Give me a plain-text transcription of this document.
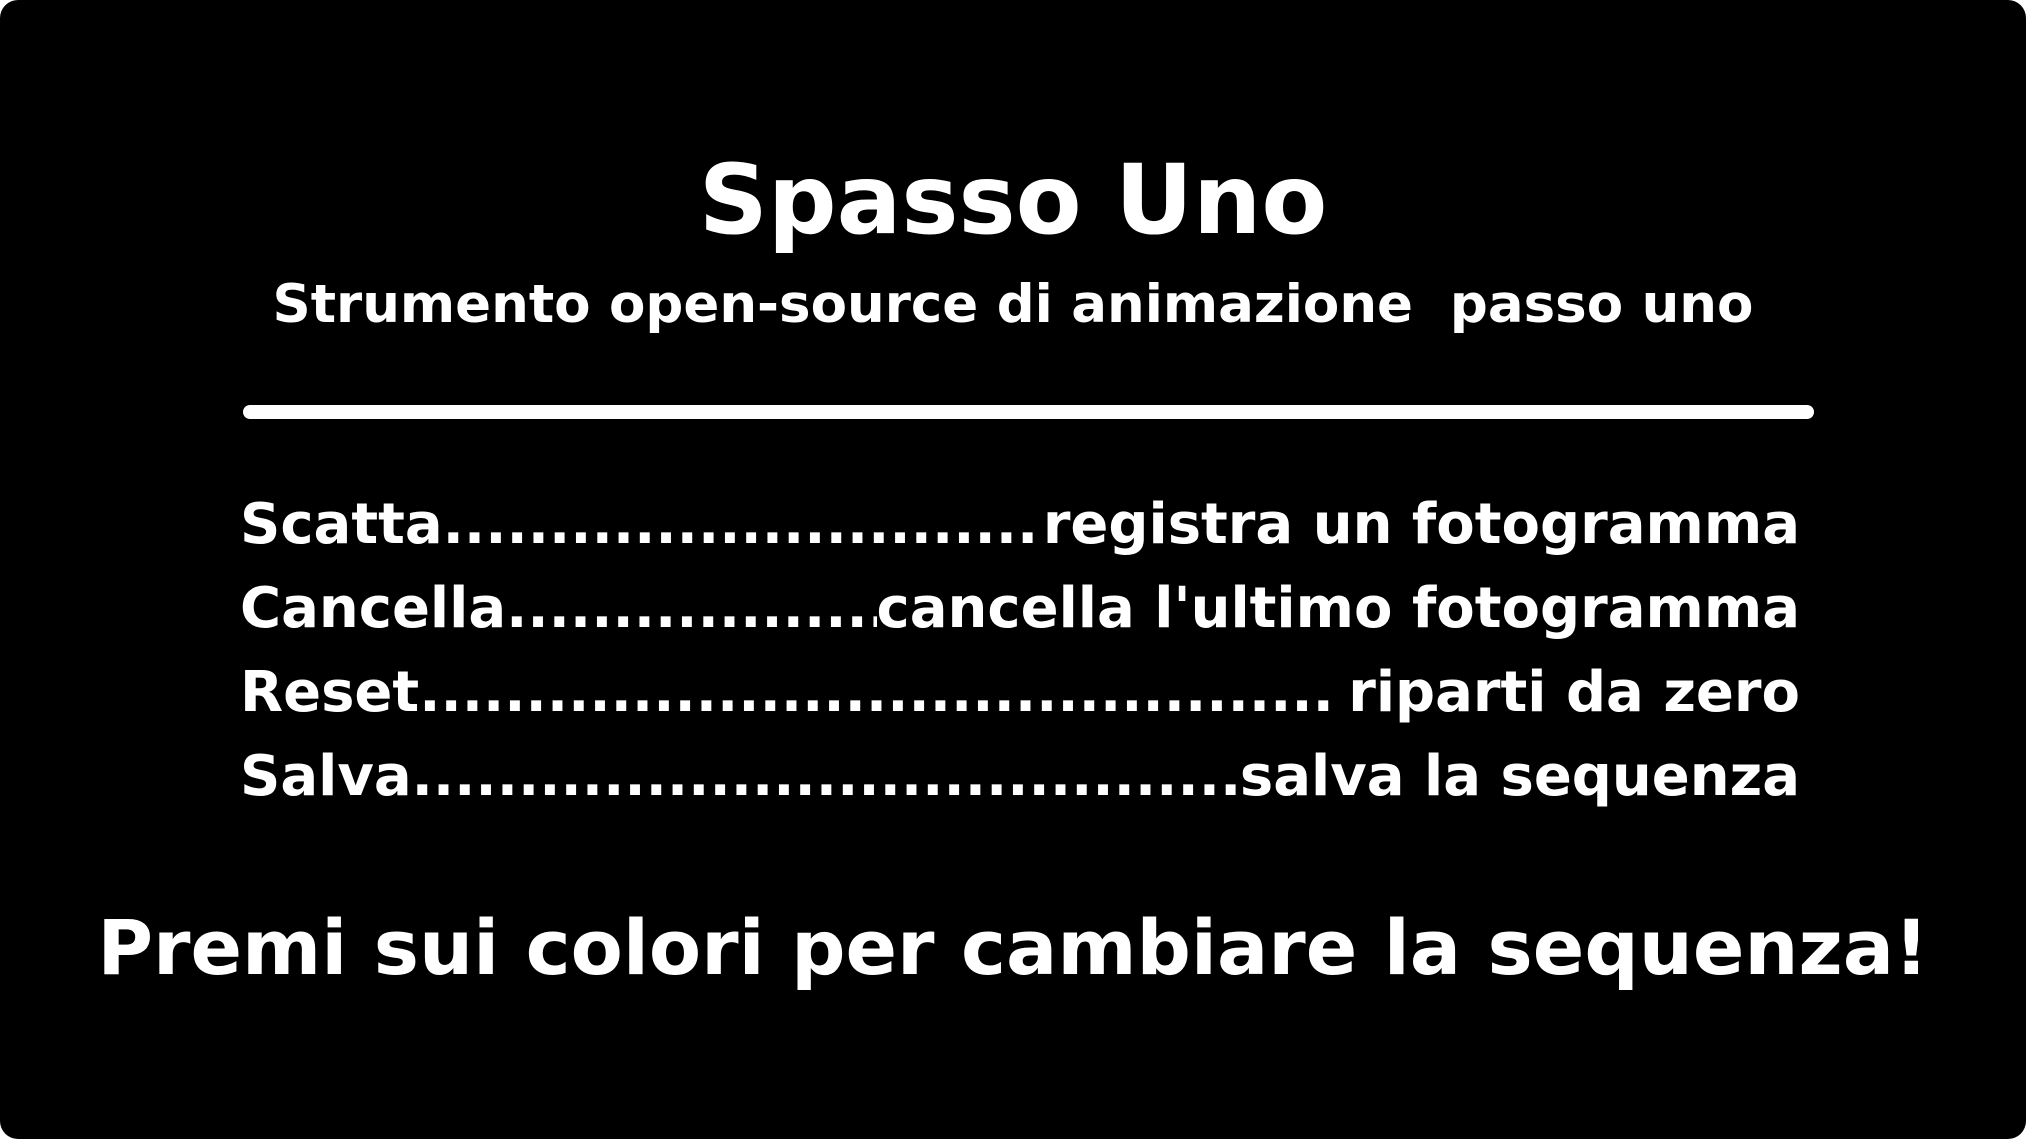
Spasso Uno
Strumento open-source di animazione  passo uno
Scatta .....	registra un fotogramma
Cancella .....	cancella l'ultimo fotogramma
Reset .....	riparti da zero
Salva .....	salva la sequenza
Premi sui colori per cambiare la sequenza!
